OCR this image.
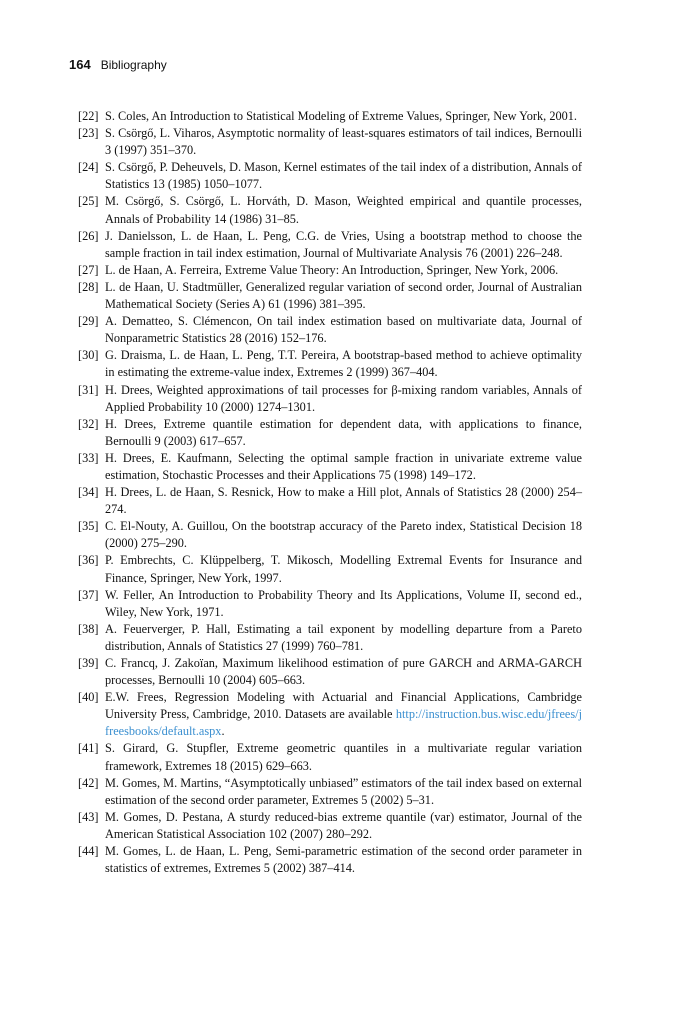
164 Bibliography
[22] S. Coles, An Introduction to Statistical Modeling of Extreme Values, Springer, New York, 2001.
[23] S. Csörgő, L. Viharos, Asymptotic normality of least-squares estimators of tail indices, Bernoulli 3 (1997) 351–370.
[24] S. Csörgő, P. Deheuvels, D. Mason, Kernel estimates of the tail index of a distribution, Annals of Statistics 13 (1985) 1050–1077.
[25] M. Csörgő, S. Csörgő, L. Horváth, D. Mason, Weighted empirical and quantile processes, Annals of Probability 14 (1986) 31–85.
[26] J. Danielsson, L. de Haan, L. Peng, C.G. de Vries, Using a bootstrap method to choose the sample fraction in tail index estimation, Journal of Multivariate Analysis 76 (2001) 226–248.
[27] L. de Haan, A. Ferreira, Extreme Value Theory: An Introduction, Springer, New York, 2006.
[28] L. de Haan, U. Stadtmüller, Generalized regular variation of second order, Journal of Australian Mathematical Society (Series A) 61 (1996) 381–395.
[29] A. Dematteo, S. Clémencon, On tail index estimation based on multivariate data, Journal of Nonparametric Statistics 28 (2016) 152–176.
[30] G. Draisma, L. de Haan, L. Peng, T.T. Pereira, A bootstrap-based method to achieve optimality in estimating the extreme-value index, Extremes 2 (1999) 367–404.
[31] H. Drees, Weighted approximations of tail processes for β-mixing random variables, Annals of Applied Probability 10 (2000) 1274–1301.
[32] H. Drees, Extreme quantile estimation for dependent data, with applications to finance, Bernoulli 9 (2003) 617–657.
[33] H. Drees, E. Kaufmann, Selecting the optimal sample fraction in univariate extreme value estimation, Stochastic Processes and their Applications 75 (1998) 149–172.
[34] H. Drees, L. de Haan, S. Resnick, How to make a Hill plot, Annals of Statistics 28 (2000) 254–274.
[35] C. El-Nouty, A. Guillou, On the bootstrap accuracy of the Pareto index, Statistical Decision 18 (2000) 275–290.
[36] P. Embrechts, C. Klüppelberg, T. Mikosch, Modelling Extremal Events for Insurance and Finance, Springer, New York, 1997.
[37] W. Feller, An Introduction to Probability Theory and Its Applications, Volume II, second ed., Wiley, New York, 1971.
[38] A. Feuerverger, P. Hall, Estimating a tail exponent by modelling departure from a Pareto distribution, Annals of Statistics 27 (1999) 760–781.
[39] C. Francq, J. Zakoïan, Maximum likelihood estimation of pure GARCH and ARMA-GARCH processes, Bernoulli 10 (2004) 605–663.
[40] E.W. Frees, Regression Modeling with Actuarial and Financial Applications, Cambridge University Press, Cambridge, 2010. Datasets are available http://instruction.bus.wisc.edu/jfrees/jfreesbooks/default.aspx.
[41] S. Girard, G. Stupfler, Extreme geometric quantiles in a multivariate regular variation framework, Extremes 18 (2015) 629–663.
[42] M. Gomes, M. Martins, “Asymptotically unbiased” estimators of the tail index based on external estimation of the second order parameter, Extremes 5 (2002) 5–31.
[43] M. Gomes, D. Pestana, A sturdy reduced-bias extreme quantile (var) estimator, Journal of the American Statistical Association 102 (2007) 280–292.
[44] M. Gomes, L. de Haan, L. Peng, Semi-parametric estimation of the second order parameter in statistics of extremes, Extremes 5 (2002) 387–414.
